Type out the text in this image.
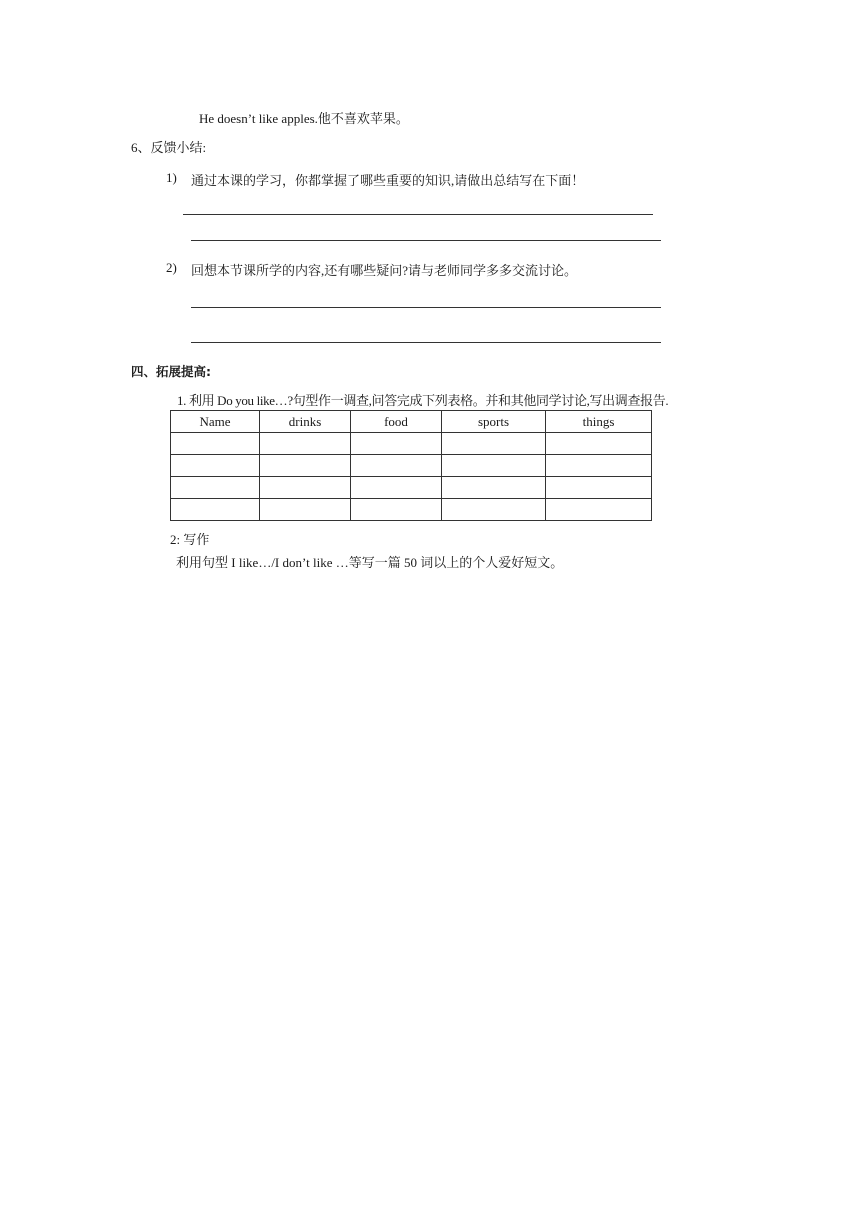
He doesn’t like apples.他不喜欢苹果。
6、反馈小结:
1) 通过本课的学习，你都掌握了哪些重要的知识,请做出总结写在下面！
2) 回想本节课所学的内容,还有哪些疑问?请与老师同学多多交流讨论。
四、拓展提高:
1. 利用 Do you like…?句型作一调查,问答完成下列表格。并和其他同学讨论,写出调查报告.
Name	drinks	food	sports	things

2: 写作
利用句型 I like…/I don’t like …等写一篇 50 词以上的个人爱好短文。
